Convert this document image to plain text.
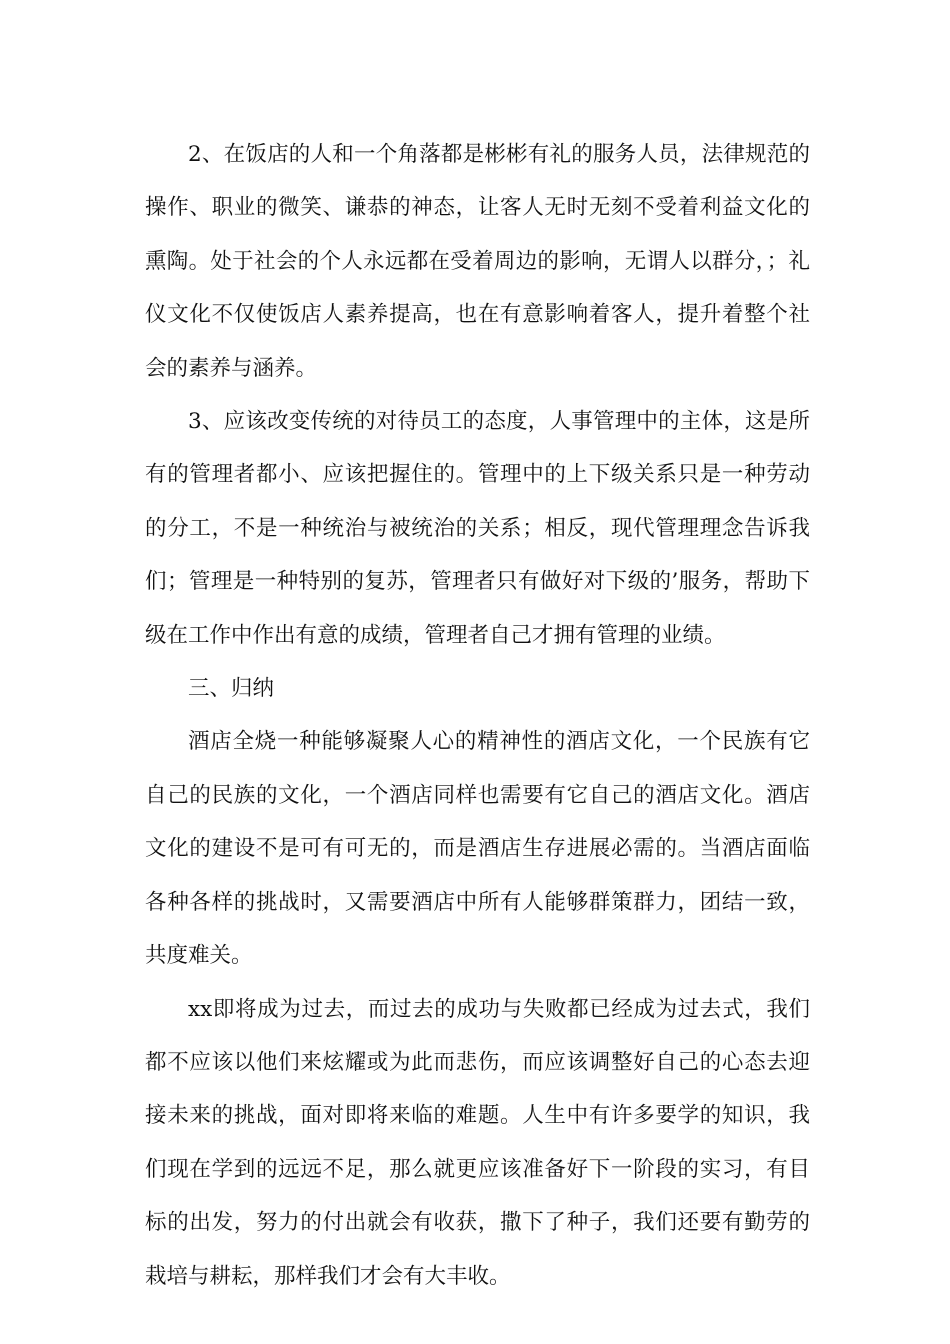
2、在饭店的人和一个角落都是彬彬有礼的服务人员，法律规范的操作、职业的微笑、谦恭的神态，让客人无时无刻不受着利益文化的熏陶。处于社会的个人永远都在受着周边的影响，无谓人以群分，；礼仪文化不仅使饭店人素养提高，也在有意影响着客人，提升着整个社会的素养与涵养。

3、应该改变传统的对待员工的态度，人事管理中的主体，这是所有的管理者都小、应该把握住的。管理中的上下级关系只是一种劳动的分工，不是一种统治与被统治的关系；相反，现代管理理念告诉我们；管理是一种特别的复苏，管理者只有做好对下级的’服务，帮助下级在工作中作出有意的成绩，管理者自己才拥有管理的业绩。

三、归纳

酒店全烧一种能够凝聚人心的精神性的酒店文化，一个民族有它自己的民族的文化，一个酒店同样也需要有它自己的酒店文化。酒店文化的建设不是可有可无的，而是酒店生存进展必需的。当酒店面临各种各样的挑战时，又需要酒店中所有人能够群策群力，团结一致，共度难关。

xx即将成为过去，而过去的成功与失败都已经成为过去式，我们都不应该以他们来炫耀或为此而悲伤，而应该调整好自己的心态去迎接未来的挑战，面对即将来临的难题。人生中有许多要学的知识，我们现在学到的远远不足，那么就更应该准备好下一阶段的实习，有目标的出发，努力的付出就会有收获，撒下了种子，我们还要有勤劳的栽培与耕耘，那样我们才会有大丰收。
